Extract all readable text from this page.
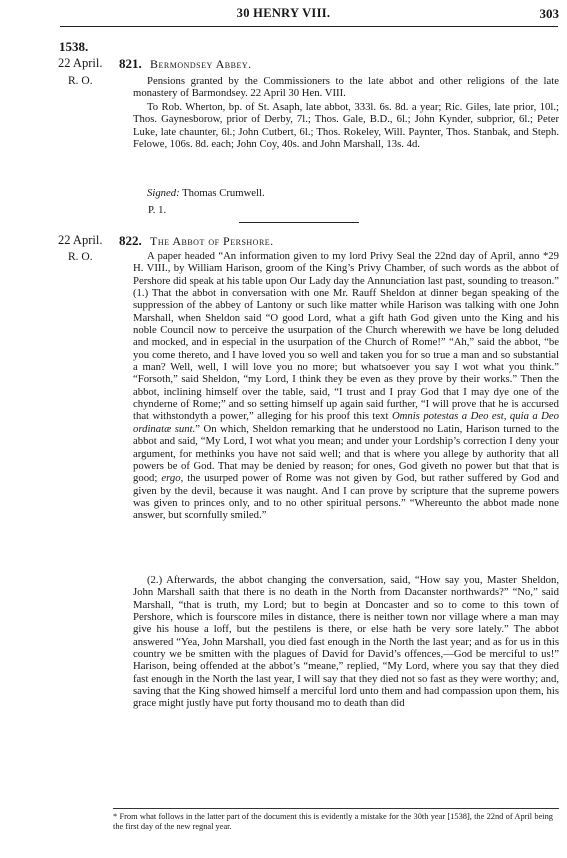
30 HENRY VIII.	303
1538.
22 April.
R. O.
821. Bermondsey Abbey.

Pensions granted by the Commissioners to the late abbot and other religions of the late monastery of Barmondsey. 22 April 30 Hen. VIII.

To Rob. Wherton, bp. of St. Asaph, late abbot, 333l. 6s. 8d. a year; Ric. Giles, late prior, 10l.; Thos. Gaynesborow, prior of Derby, 7l.; Thos. Gale, B.D., 6l.; John Kynder, subprior, 6l.; Peter Luke, late chaunter, 6l.; John Cutbert, 6l.; Thos. Rokeley, Will. Paynter, Thos. Stanbak, and Steph. Felowe, 106s. 8d. each; John Coy, 40s. and John Marshall, 13s. 4d.

Signed: Thomas Crumwell.
P. 1.
22 April.
R. O.
822. The Abbot of Pershore.

A paper headed “An information given to my lord Privy Seal the 22nd day of April, anno *29 H. VIII., by William Harison, groom of the King’s Privy Chamber, of such words as the abbot of Pershore did speak at his table upon Our Lady day the Annunciation last past, sounding to treason.” (1.) That the abbot in conversation with one Mr. Rauff Sheldon at dinner began speaking of the suppression of the abbey of Lantony or such like matter while Harison was talking with one John Marshall, when Sheldon said “O good Lord, what a gift hath God given unto the King and his noble Council now to perceive the usurpation of the Church wherewith we have be long deluded and mocked, and in especial in the usurpation of the Church of Rome!” “Ah,” said the abbot, “be you come thereto, and I have loved you so well and taken you for so true a man and so substantial a man? Well, well, I will love you no more; but whatsoever you say I wot what you think.” “Forsoth,” said Sheldon, “my Lord, I think they be even as they prove by their works.” Then the abbot, inclining himself over the table, said, “I trust and I pray God that I may dye one of the chynderne of Rome;” and so setting himself up again said further, “I will prove that he is accursed that withstondyth a power,” alleging for his proof this text Omnis potestas a Deo est, quia a Deo ordinatæ sunt.” On which, Sheldon remarking that he understood no Latin, Harison turned to the abbot and said, “My Lord, I wot what you mean; and under your Lordship’s correction I deny your argument, for methinks you have not said well; and that is where you allege by authority that all powers be of God. That may be denied by reason; for ones, God giveth no power but that that is good; ergo, the usurped power of Rome was not given by God, but rather suffered by God and given by the devil, because it was naught. And I can prove by scripture that the supreme powers was given to princes only, and to no other spiritual persons.” “Whereunto the abbot made none answer, but scornfully smiled.”

(2.) Afterwards, the abbot changing the conversation, said, “How say you, Master Sheldon, John Marshall saith that there is no death in the North from Dacanster northwards?” “No,” said Marshall, “that is truth, my Lord; but to begin at Doncaster and so to come to this town of Pershore, which is fourscore miles in distance, there is neither town nor village where a man may give his house a loff, but the pestilens is there, or else hath be very sore lately.” The abbot answered “Yea, John Marshall, you died fast enough in the North the last year; and as for us in this country we be smitten with the plagues of David for David’s offences,—God be merciful to us!” Harison, being offended at the abbot’s “meane,” replied, “My Lord, where you say that they died fast enough in the North the last year, I will say that they died not so fast as they were worthy; and, saving that the King showed himself a merciful lord unto them and had compassion upon them, his grace might justly have put forty thousand mo to death than did

* From what follows in the latter part of the document this is evidently a mistake for the 30th year [1538], the 22nd of April being the first day of the new regnal year.
